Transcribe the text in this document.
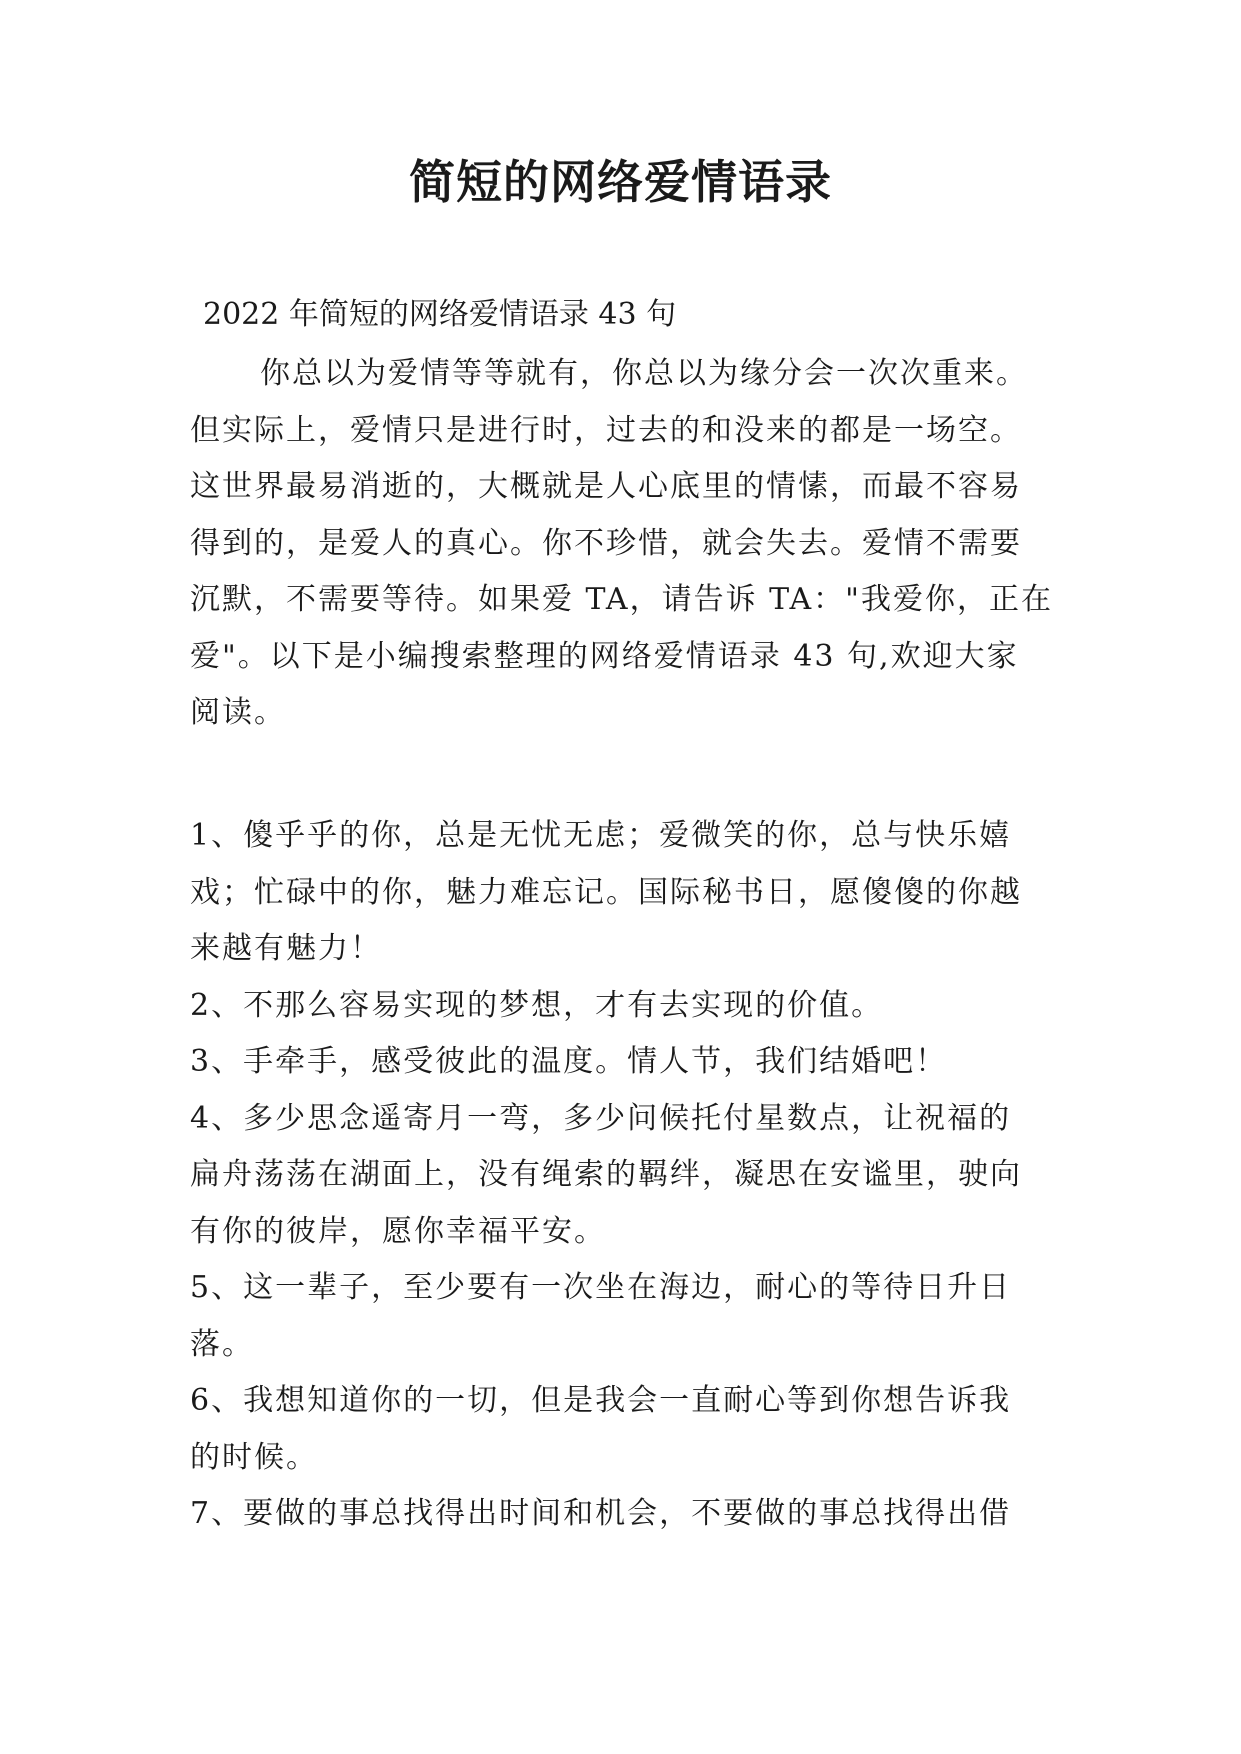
简短的网络爱情语录

2022 年简短的网络爱情语录 43 句

你总以为爱情等等就有，你总以为缘分会一次次重来。
但实际上，爱情只是进行时，过去的和没来的都是一场空。
这世界最易消逝的，大概就是人心底里的情愫，而最不容易
得到的，是爱人的真心。你不珍惜，就会失去。爱情不需要
沉默，不需要等待。如果爱 TA，请告诉 TA："我爱你，正在
爱"。以下是小编搜索整理的网络爱情语录 43 句,欢迎大家
阅读。
1、傻乎乎的你，总是无忧无虑；爱微笑的你，总与快乐嬉
戏；忙碌中的你，魅力难忘记。国际秘书日，愿傻傻的你越
来越有魅力！
2、不那么容易实现的梦想，才有去实现的价值。
3、手牵手，感受彼此的温度。情人节，我们结婚吧！
4、多少思念遥寄月一弯，多少问候托付星数点，让祝福的
扁舟荡荡在湖面上，没有绳索的羁绊，凝思在安谧里，驶向
有你的彼岸，愿你幸福平安。
5、这一辈子，至少要有一次坐在海边，耐心的等待日升日
落。
6、我想知道你的一切，但是我会一直耐心等到你想告诉我
的时候。
7、要做的事总找得出时间和机会，不要做的事总找得出借
